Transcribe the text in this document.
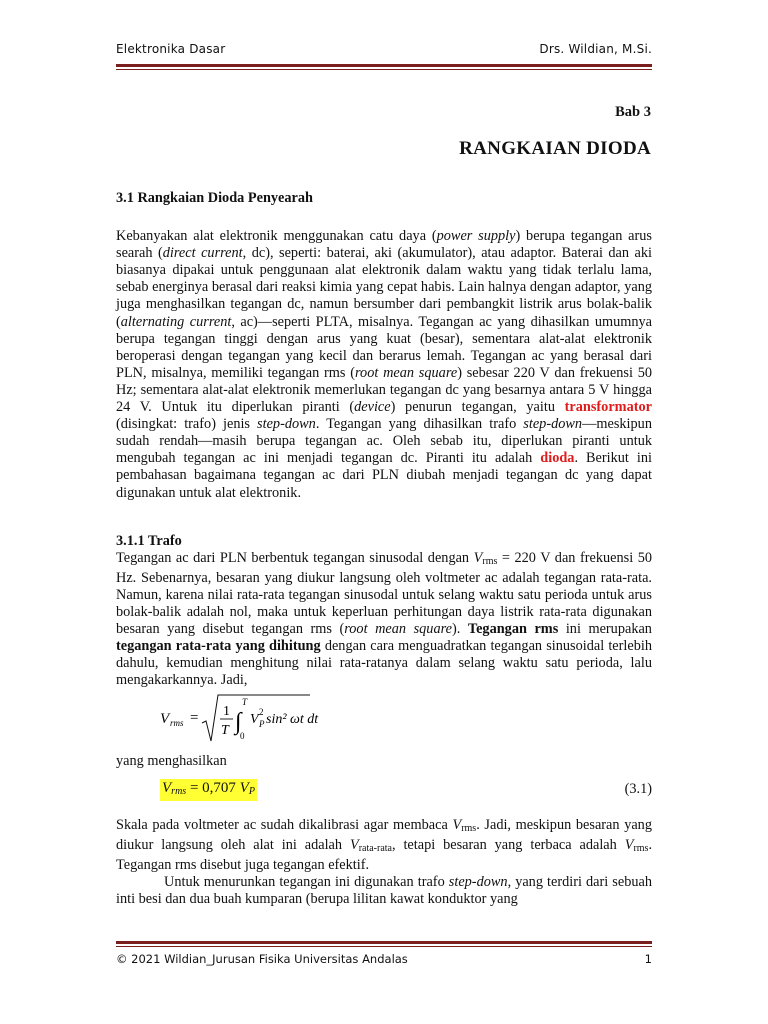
Elektronika Dasar	Drs. Wildian, M.Si.
Bab 3
RANGKAIAN DIODA
3.1 Rangkaian Dioda Penyearah

Kebanyakan alat elektronik menggunakan catu daya (power supply) berupa tegangan arus searah (direct current, dc), seperti: baterai, aki (akumulator), atau adaptor. Baterai dan aki biasanya dipakai untuk penggunaan alat elektronik dalam waktu yang tidak terlalu lama, sebab energinya berasal dari reaksi kimia yang cepat habis. Lain halnya dengan adaptor, yang juga menghasilkan tegangan dc, namun bersumber dari pembangkit listrik arus bolak-balik (alternating current, ac)—seperti PLTA, misalnya. Tegangan ac yang dihasilkan umumnya berupa tegangan tinggi dengan arus yang kuat (besar), sementara alat-alat elektronik beroperasi dengan tegangan yang kecil dan berarus lemah. Tegangan ac yang berasal dari PLN, misalnya, memiliki tegangan rms (root mean square) sebesar 220 V dan frekuensi 50 Hz; sementara alat-alat elektronik memerlukan tegangan dc yang besarnya antara 5 V hingga 24 V. Untuk itu diperlukan piranti (device) penurun tegangan, yaitu transformator (disingkat: trafo) jenis step-down. Tegangan yang dihasilkan trafo step-down—meskipun sudah rendah—masih berupa tegangan ac. Oleh sebab itu, diperlukan piranti untuk mengubah tegangan ac ini menjadi tegangan dc. Piranti itu adalah dioda. Berikut ini pembahasan bagaimana tegangan ac dari PLN diubah menjadi tegangan dc yang dapat digunakan untuk alat elektronik.

3.1.1 Trafo

Tegangan ac dari PLN berbentuk tegangan sinusodal dengan $V_{rms} = 220$ V dan frekuensi 50 Hz. Sebenarnya, besaran yang diukur langsung oleh voltmeter ac adalah tegangan rata-rata. Namun, karena nilai rata-rata tegangan sinusodal untuk selang waktu satu perioda untuk arus bolak-balik adalah nol, maka untuk keperluan perhitungan daya listrik rata-rata digunakan besaran yang disebut tegangan rms (root mean square). Tegangan rms ini merupakan tegangan rata-rata yang dihitung dengan cara menguadratkan tegangan sinusoidal terlebih dahulu, kemudian menghitung nilai rata-ratanya dalam selang waktu satu perioda, lalu mengakarkannya. Jadi,

V rms = 1
T ∫
T
0
V 2
P sin² ωt dt

yang menghasilkan

$V_{rms} = 0,707$ $V_P$	(3.1)

Skala pada voltmeter ac sudah dikalibrasi agar membaca $V_{rms}$. Jadi, meskipun besaran yang diukur langsung oleh alat ini adalah $V_{rata-rata}$, tetapi besaran yang terbaca adalah $V_{rms}$. Tegangan rms disebut juga tegangan efektif.

Untuk menurunkan tegangan ini digunakan trafo step-down, yang terdiri dari sebuah inti besi dan dua buah kumparan (berupa lilitan kawat konduktor yang

© 2021 Wildian_Jurusan Fisika Universitas Andalas	1
